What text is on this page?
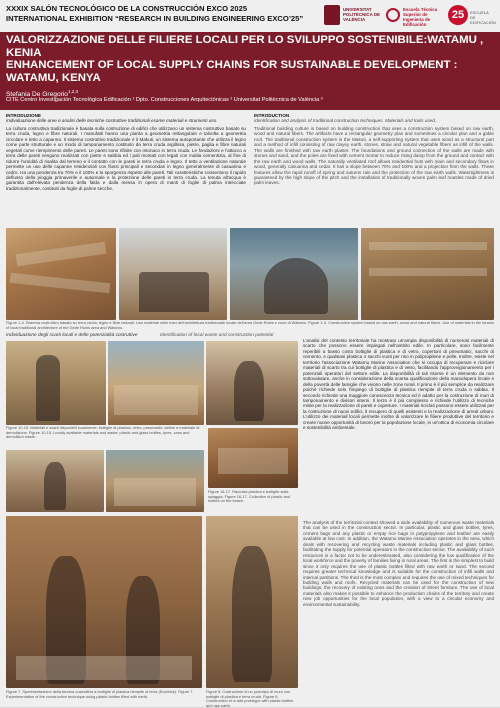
XXXIX SALÓN TECNOLÓGICO DE LA CONSTRUCCIÓN EXCO 2025
INTERNATIONAL EXHIBITION “RESEARCH IN BUILDING ENGINEERING EXCO’25”
UNIVERSITAT POLITÈCNICA DE VALÈNCIA
Escuela Técnica Superior de Ingeniería de Edificación
25	ESCUELA DE EDIFICACIÓN
VALORIZZAZIONE DELLE FILIERE LOCALI PER LO SVILUPPO SOSTENIBILE:WATAMU , KENIA
ENHANCEMENT OF LOCAL SUPPLY CHAINS FOR SUSTAINABLE DEVELOPMENT : WATAMU, KENYA
Stefania De Gregorio$^{1,2,3}$
CITE Centro Investigación Tecnológica Edificación ¹ Dpto. Construcciones Arquitectónicas ² Universitat Politècnica de València ³
INTRODUZIONE
Individuazione delle aree e analisi delle tecniche costruttive tradizionali esame materiali e strumenti uso.
La cultura costruttiva tradizionale è basata sulla costruzione di edifici che utilizzano un sistema costruttivo basato su terra cruda, legno e fibre naturali. I manufatti hanno una pianta a geometria rettangolare e talvolta a geometria circolare e tetto a capanna. Il sistema costruttivo tradizionale è il Makuti, un sistema autoportante che utilizza il legno come parte strutturale e un modo di tamponamento costituito da terra cruda argillosa, pietre, paglia e fibre naturali vegetali come riempimento delle pareti. Le pareti sono rifinite con intonaco in terra cruda. Le fondazioni e l'attacco a terra delle pareti vengono realizzati con pietre e sabbia ed i pali montati con legati con maltia cementizia, al fine di ridurre l'umidità di risalita dal terreno e il contatto con le pareti in terra cruda e legno. Il tetto a ventilazione naturale permette un uso delle capanne residenziali con flussi principali e secondari in legno generalmente di casuarina e cedro. Ha una pendenza tra 70% e il 100% e la sporgenza rispetto alle pareti. Tali caratteristiche consentono il rapido deflusso della pioggia primaverile e autunnale e la protezione delle pareti in terra cruda. La tenuta all'acqua è garantita dall'elevata pendenza della falda e dalla messa in opera di manti di foglie di palma intrecciate tradizionalmente, costituiti da foglie di palme secche.
INTRODUCTION
Identification and analysis of traditional construction techniques. Materials and tools used.
Traditional building culture is based on building construction that uses a construction system based on raw earth, wood and natural fibers. The artifacts have a rectangular geometry plan and sometimes a circular plan and a gable roof. The traditional construction system is the Makuti, a self-supporting system that uses wood as a structural part and a method of infill consisting of raw clayey earth, stones, straw and natural vegetable fibers as infill of the walls. The walls are finished with raw earth plaster. The foundations and ground connection of the walls are made with stones and sand, and the poles are fixed with cement mortar to reduce rising damp from the ground and contact with the raw earth and wood walls. The naturally ventilated roof allows residential huts with main and secondary flows in wood, generally casuarina and cedar. It has a slope between 70% and 100% and a projection from the walls. These features allow the rapid runoff of spring and autumn rain and the protection of the raw earth walls. Watertightness is guaranteed by the high slope of the pitch and the installation of traditionally woven palm leaf mantles made of dried palm leaves.
Figure 1-4. Sistema costruttivo basato su terra cruda, legno e fibre naturali. Uso materiali nelle travi dell’architettura tradizionale locale dell’area Gede Ruins e zone di Watamu. Figure 1-4. Construction system based on raw earth, wood and natural fibers. Use of materials in the beams of local traditional architecture of the Gede Ruins area and Watamu.
Individuazione degli scarti locali e delle potenzialità costruttive	Identification of local waste and construction potential
Figure 10-15. Materiali e scarti disponibili localmente: bottiglie di plastica, vetro, pneumatici, lattine e materiale di demolizione. Figure 10-15. Locally available materials and waste: plastic and glass bottles, tyres, cans and demolition waste.
Figure 16-17. Raccolta plastica e bottiglie sulla spiaggia. Figure 16-17. Collection of plastic and bottles on the beach.
Figure 7. Sperimentazione della tecnica costruttiva a bottiglie di plastica riempite di terra (Ecobrick). Figure 7. Experimentation of the construction technique using plastic bottles filled with earth.
Figure 8. Costruzione di un prototipo di muro con bottiglie di plastica e terra cruda. Figure 8. Construction of a wall prototype with plastic bottles and raw earth.
L'analisi del contesto territoriale ha mostrato un'ampia disponibilità di numerosi materiali di scarto che possono essere impiegati nell'ambito edile. In particolare, sono facilmente reperibili a basso costo bottiglie di plastica e di vetro, copertoni di pneumatici, sacchi di cemento, e qualsiasi plastica o sacchi vuoti per riso in polipropilene e pelle. Inoltre, esiste nel territorio l'associazione Watamu Marine Association che si occupa di recuperare e riciclare materiali di scarto tra cui bottiglie di plastica e di vetro, facilitando l'approvvigionamento per i potenziali operatori del settore edile. La disponibilità di tali risorse è un elemento da non sottovalutare, anche in considerazione della scarsa qualificazione della manodopera locale e della povertà delle famiglie che vivono nelle zone rurali. Il primo è il più semplice da realizzare poiché richiede solo l'impiego di bottiglie di plastica riempite di terra cruda o sabbia. Il secondo richiede una maggiore conoscenza tecnica ed è adatto per la costruzione di muri di tamponamento e divisori interni. Il terzo è il più complesso e richiede l'utilizzo di tecniche miste per la realizzazione di pareti e coperture. I materiali riciclati possono essere utilizzati per la costruzione di nuovi edifici, il recupero di quelli esistenti e la realizzazione di arredi urbani. L'utilizzo dei materiali locali permette inoltre di valorizzare le filiere produttive del territorio e creare nuove opportunità di lavoro per la popolazione locale, in un'ottica di economia circolare e sostenibilità ambientale.
The analysis of the territorial context showed a wide availability of numerous waste materials that can be used in the construction sector. In particular, plastic and glass bottles, tyres, cement bags and any plastic or empty rice bags in polypropylene and leather are easily available at low cost. In addition, the Watamu Marine Association operates in the area, which deals with recovering and recycling waste materials including plastic and glass bottles, facilitating the supply for potential operators in the construction sector. The availability of such resources is a factor not to be underestimated, also considering the low qualification of the local workforce and the poverty of families living in rural areas. The first is the simplest to build since it only requires the use of plastic bottles filled with raw earth or sand. The second requires greater technical knowledge and is suitable for the construction of infill walls and internal partitions. The third is the most complex and requires the use of mixed techniques for building walls and roofs. Recycled materials can be used for the construction of new buildings, the recovery of existing ones and the creation of street furniture. The use of local materials also makes it possible to enhance the production chains of the territory and create new job opportunities for the local population, with a view to a circular economy and environmental sustainability.
